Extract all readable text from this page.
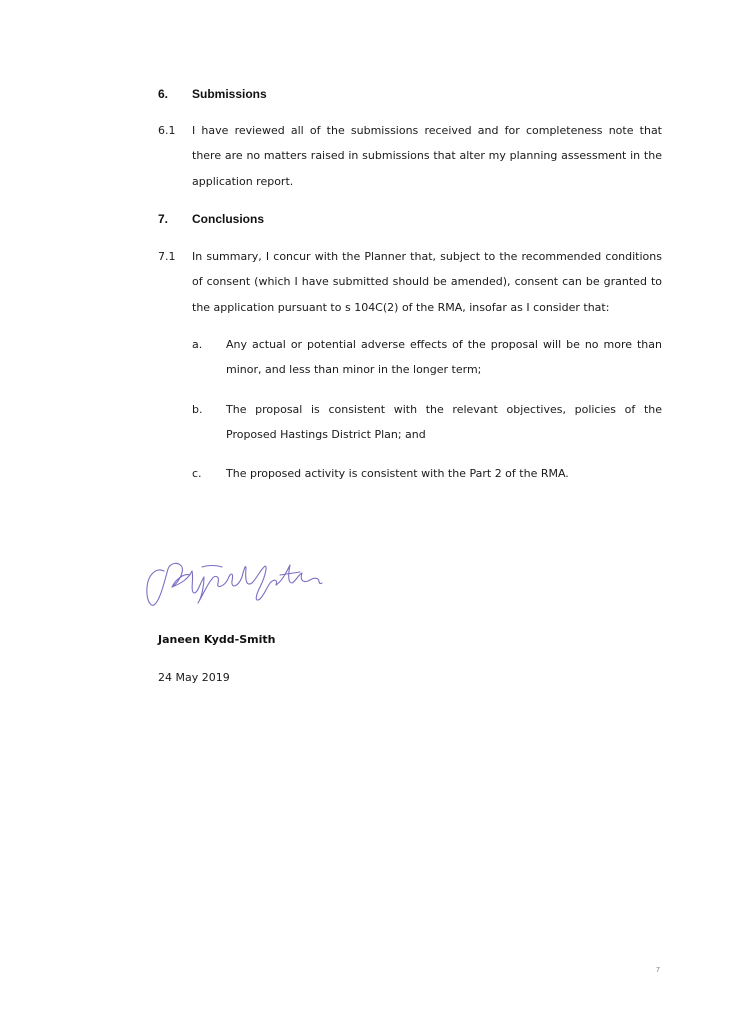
6. Submissions
6.1 I have reviewed all of the submissions received and for completeness note that there are no matters raised in submissions that alter my planning assessment in the application report.
7. Conclusions
7.1 In summary, I concur with the Planner that, subject to the recommended conditions of consent (which I have submitted should be amended), consent can be granted to the application pursuant to s 104C(2) of the RMA, insofar as I consider that:
a. Any actual or potential adverse effects of the proposal will be no more than minor, and less than minor in the longer term;
b. The proposal is consistent with the relevant objectives, policies of the Proposed Hastings District Plan; and
c. The proposed activity is consistent with the Part 2 of the RMA.
Janeen Kydd-Smith
24 May 2019
7
